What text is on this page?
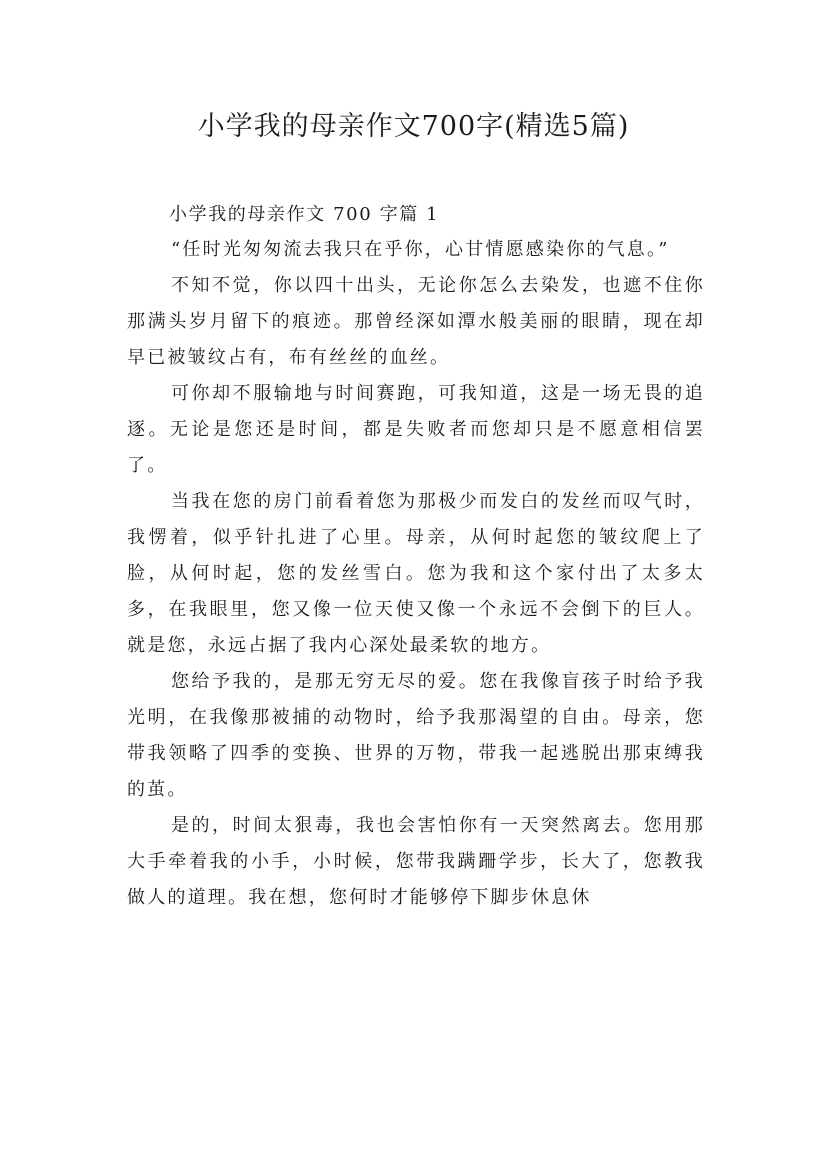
小学我的母亲作文700字(精选5篇)
小学我的母亲作文 700 字篇 1

“任时光匆匆流去我只在乎你，心甘情愿感染你的气息。”

不知不觉，你以四十出头，无论你怎么去染发，也遮不住你那满头岁月留下的痕迹。那曾经深如潭水般美丽的眼睛，现在却早已被皱纹占有，布有丝丝的血丝。

可你却不服输地与时间赛跑，可我知道，这是一场无畏的追逐。无论是您还是时间，都是失败者而您却只是不愿意相信罢了。

当我在您的房门前看着您为那极少而发白的发丝而叹气时，我愣着，似乎针扎进了心里。母亲，从何时起您的皱纹爬上了脸，从何时起，您的发丝雪白。您为我和这个家付出了太多太多，在我眼里，您又像一位天使又像一个永远不会倒下的巨人。就是您，永远占据了我内心深处最柔软的地方。

您给予我的，是那无穷无尽的爱。您在我像盲孩子时给予我光明，在我像那被捕的动物时，给予我那渴望的自由。母亲，您带我领略了四季的变换、世界的万物，带我一起逃脱出那束缚我的茧。

是的，时间太狠毒，我也会害怕你有一天突然离去。您用那大手牵着我的小手，小时候，您带我蹒跚学步，长大了，您教我做人的道理。我在想，您何时才能够停下脚步休息休
